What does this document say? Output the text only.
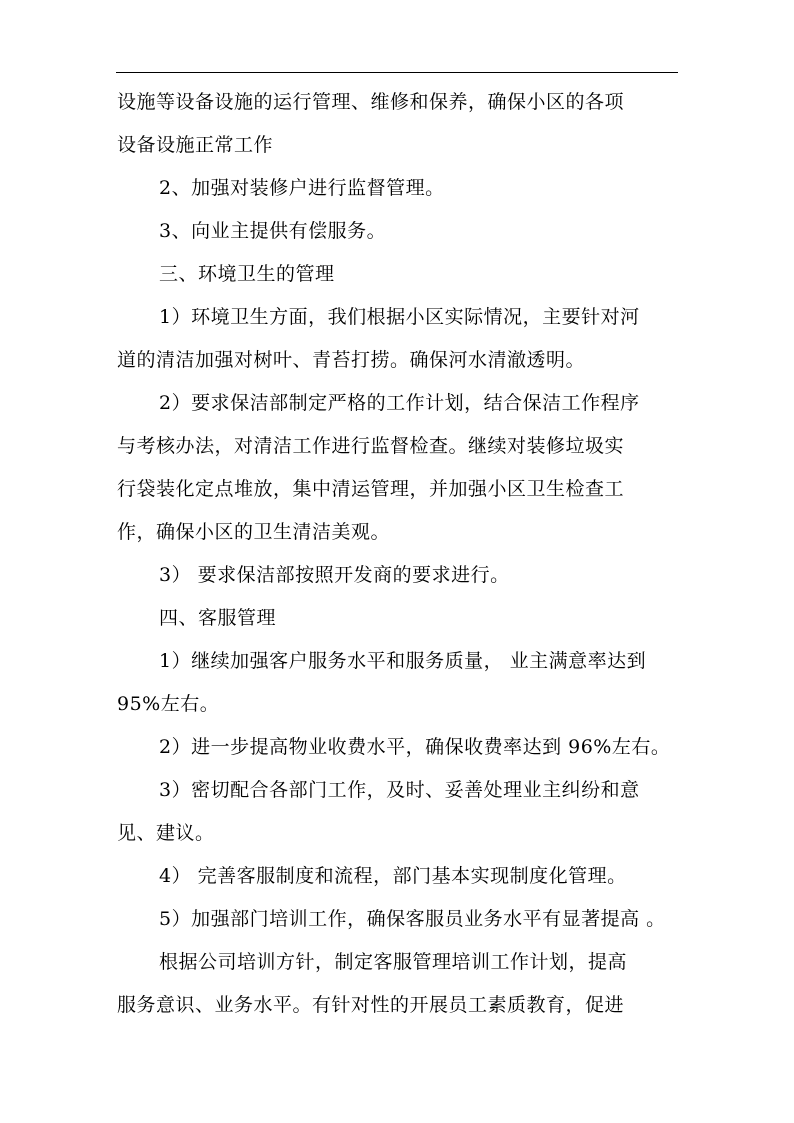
设施等设备设施的运行管理、维修和保养，确保小区的各项
设备设施正常工作
2、加强对装修户进行监督管理。
3、向业主提供有偿服务。
三、环境卫生的管理
1）环境卫生方面，我们根据小区实际情况，主要针对河
道的清洁加强对树叶、青苔打捞。确保河水清澈透明。
2）要求保洁部制定严格的工作计划，结合保洁工作程序
与考核办法，对清洁工作进行监督检查。继续对装修垃圾实
行袋装化定点堆放，集中清运管理，并加强小区卫生检查工
作，确保小区的卫生清洁美观。
3） 要求保洁部按照开发商的要求进行。
四、客服管理
1）继续加强客户服务水平和服务质量， 业主满意率达到
95%左右。
2）进一步提高物业收费水平，确保收费率达到 96%左右。
3）密切配合各部门工作，及时、妥善处理业主纠纷和意
见、建议。
4） 完善客服制度和流程，部门基本实现制度化管理。
5）加强部门培训工作，确保客服员业务水平有显著提高 。
根据公司培训方针，制定客服管理培训工作计划，提高
服务意识、业务水平。有针对性的开展员工素质教育，促进
